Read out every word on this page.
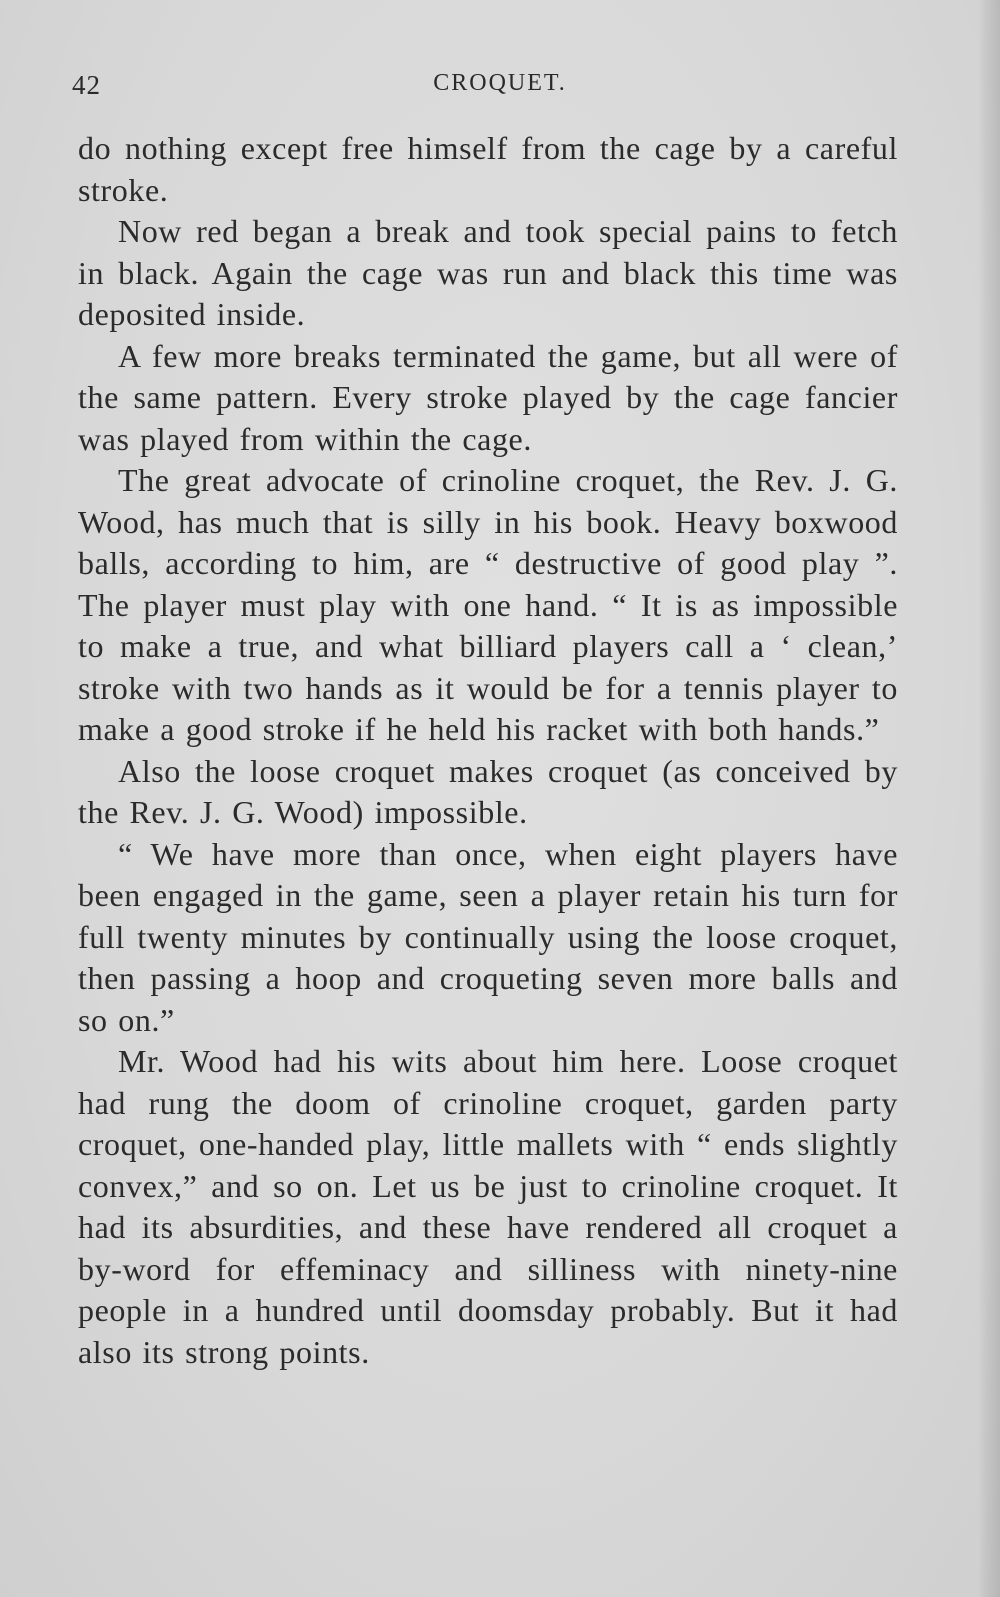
42	CROQUET.

do nothing except free himself from the cage by a careful stroke.

Now red began a break and took special pains to fetch in black. Again the cage was run and black this time was deposited inside.

A few more breaks terminated the game, but all were of the same pattern. Every stroke played by the cage fancier was played from within the cage.

The great advocate of crinoline croquet, the Rev. J. G. Wood, has much that is silly in his book. Heavy boxwood balls, according to him, are “ destructive of good play ”. The player must play with one hand. “ It is as impossible to make a true, and what billiard players call a ‘ clean,’ stroke with two hands as it would be for a tennis player to make a good stroke if he held his racket with both hands.”

Also the loose croquet makes croquet (as conceived by the Rev. J. G. Wood) impossible.

“ We have more than once, when eight players have been engaged in the game, seen a player retain his turn for full twenty minutes by continually using the loose croquet, then passing a hoop and croqueting seven more balls and so on.”

Mr. Wood had his wits about him here. Loose croquet had rung the doom of crinoline croquet, garden party croquet, one-handed play, little mallets with “ ends slightly convex,” and so on. Let us be just to crinoline croquet. It had its absurdities, and these have rendered all croquet a by-word for effeminacy and silliness with ninety-nine people in a hundred until doomsday probably. But it had also its strong points.
